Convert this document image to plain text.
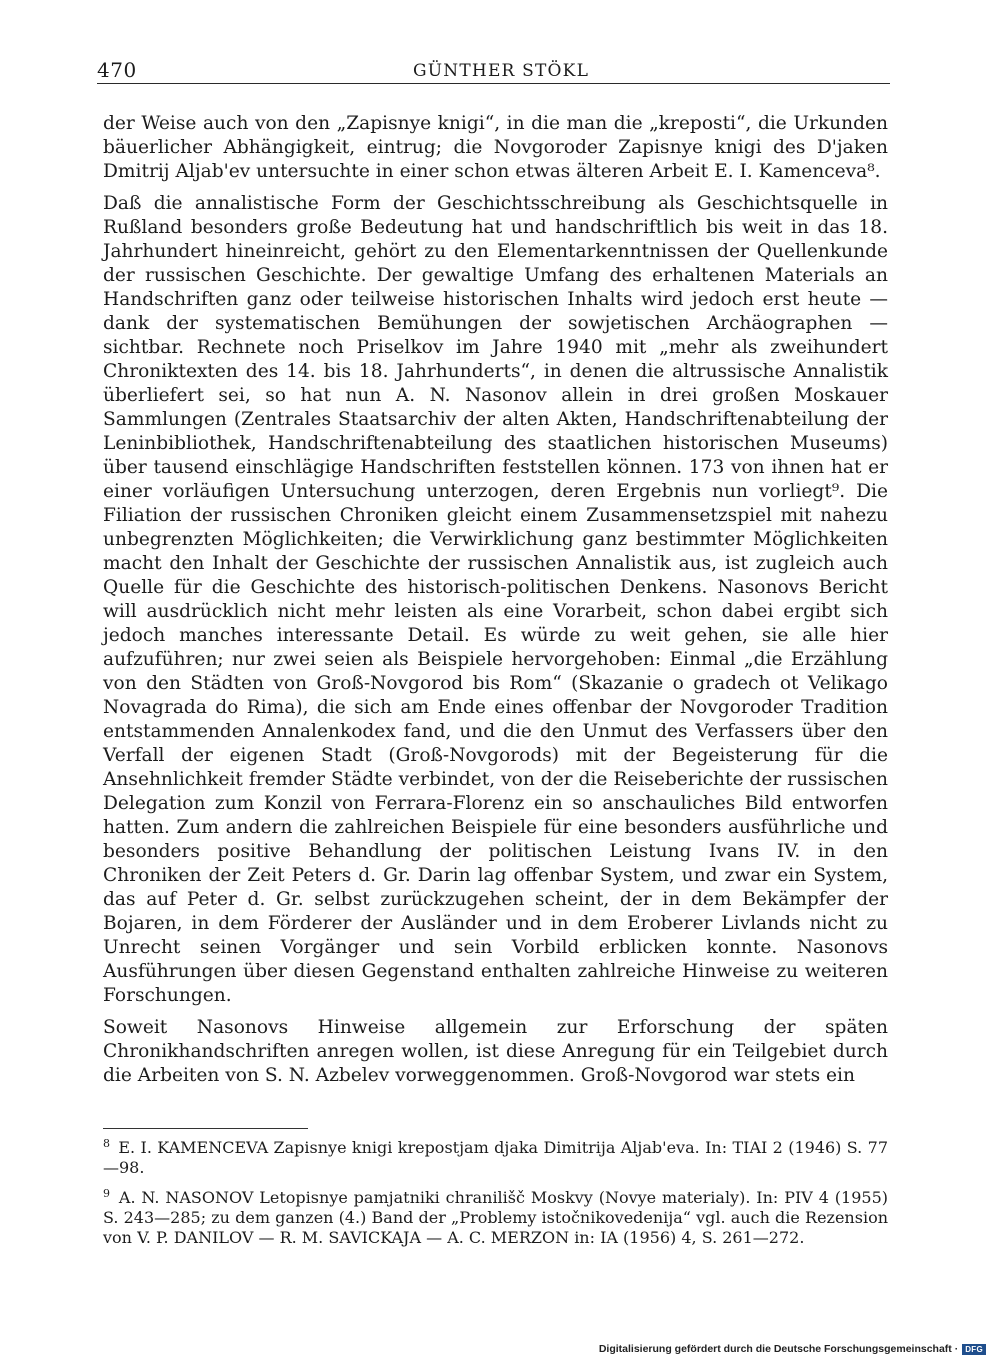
470	GÜNTHER STÖKL

der Weise auch von den „Zapisnye knigi“, in die man die „kreposti“, die Urkunden bäuerlicher Abhängigkeit, eintrug; die Novgoroder Zapisnye knigi des D'jaken Dmitrij Aljab'ev untersuchte in einer schon etwas älteren Arbeit E. I. Kamenceva⁸.

Daß die annalistische Form der Geschichtsschreibung als Geschichtsquelle in Rußland besonders große Bedeutung hat und handschriftlich bis weit in das 18. Jahrhundert hineinreicht, gehört zu den Elementarkenntnissen der Quellenkunde der russischen Geschichte. Der gewaltige Umfang des erhaltenen Materials an Handschriften ganz oder teilweise historischen Inhalts wird jedoch erst heute — dank der systematischen Bemühungen der sowjetischen Archäographen — sichtbar. Rechnete noch Priselkov im Jahre 1940 mit „mehr als zweihundert Chroniktexten des 14. bis 18. Jahrhunderts“, in denen die altrussische Annalistik überliefert sei, so hat nun A. N. Nasonov allein in drei großen Moskauer Sammlungen (Zentrales Staatsarchiv der alten Akten, Handschriftenabteilung der Leninbibliothek, Handschriftenabteilung des staatlichen historischen Museums) über tausend einschlägige Handschriften feststellen können. 173 von ihnen hat er einer vorläufigen Untersuchung unterzogen, deren Ergebnis nun vorliegt⁹. Die Filiation der russischen Chroniken gleicht einem Zusammensetzspiel mit nahezu unbegrenzten Möglichkeiten; die Verwirklichung ganz bestimmter Möglichkeiten macht den Inhalt der Geschichte der russischen Annalistik aus, ist zugleich auch Quelle für die Geschichte des historisch-politischen Denkens. Nasonovs Bericht will ausdrücklich nicht mehr leisten als eine Vorarbeit, schon dabei ergibt sich jedoch manches interessante Detail. Es würde zu weit gehen, sie alle hier aufzuführen; nur zwei seien als Beispiele hervorgehoben: Einmal „die Erzählung von den Städten von Groß-Novgorod bis Rom“ (Skazanie o gradech ot Velikago Novagrada do Rima), die sich am Ende eines offenbar der Novgoroder Tradition entstammenden Annalenkodex fand, und die den Unmut des Verfassers über den Verfall der eigenen Stadt (Groß-Novgorods) mit der Begeisterung für die Ansehnlichkeit fremder Städte verbindet, von der die Reiseberichte der russischen Delegation zum Konzil von Ferrara-Florenz ein so anschauliches Bild entworfen hatten. Zum andern die zahlreichen Beispiele für eine besonders ausführliche und besonders positive Behandlung der politischen Leistung Ivans IV. in den Chroniken der Zeit Peters d. Gr. Darin lag offenbar System, und zwar ein System, das auf Peter d. Gr. selbst zurückzugehen scheint, der in dem Bekämpfer der Bojaren, in dem Förderer der Ausländer und in dem Eroberer Livlands nicht zu Unrecht seinen Vorgänger und sein Vorbild erblicken konnte. Nasonovs Ausführungen über diesen Gegenstand enthalten zahlreiche Hinweise zu weiteren Forschungen.

Soweit Nasonovs Hinweise allgemein zur Erforschung der späten Chronikhandschriften anregen wollen, ist diese Anregung für ein Teilgebiet durch die Arbeiten von S. N. Azbelev vorweggenommen. Groß-Novgorod war stets ein

$^8$ E. I. KAMENCEVA Zapisnye knigi krepostjam djaka Dimitrija Aljab'eva. In: TIAI 2 (1946) S. 77—98.

$^9$ A. N. NASONOV Letopisnye pamjatniki chranilišč Moskvy (Novye materialy). In: PIV 4 (1955) S. 243—285; zu dem ganzen (4.) Band der „Problemy istočnikovedenija“ vgl. auch die Rezension von V. P. DANILOV — R. M. SAVICKAJA — A. C. MERZON in: IA (1956) 4, S. 261—272.

Digitalisierung gefördert durch die Deutsche Forschungsgemeinschaft · DFG
